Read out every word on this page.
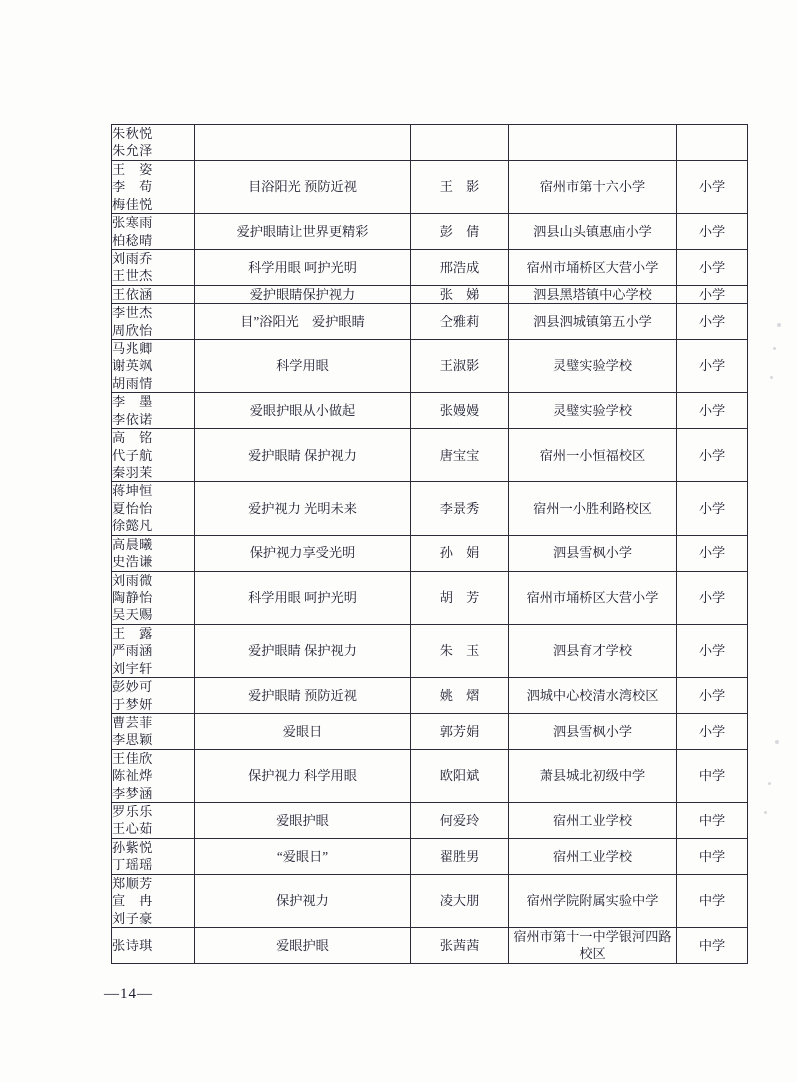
朱秋悦
朱允泽				

王　姿
李　苟
梅佳悦	目浴阳光 预防近视	王　影	宿州市第十六小学	小学

张寒雨
柏稔晴	爱护眼睛让世界更精彩	彭　倩	泗县山头镇惠庙小学	小学

刘雨乔
王世杰	科学用眼 呵护光明	邢浩成	宿州市埇桥区大营小学	小学

王依涵	爱护眼睛保护视力	张　娣	泗县黑塔镇中心学校	小学

李世杰
周欣怡	目”浴阳光　爱护眼睛	仝雅莉	泗县泗城镇第五小学	小学

马兆卿
谢英飒
胡雨情	科学用眼	王淑影	灵璧实验学校	小学

李　墨
李依诺	爱眼护眼从小做起	张嫚嫚	灵璧实验学校	小学

高　铭
代子航
秦羽茉	爱护眼睛 保护视力	唐宝宝	宿州一小恒福校区	小学

蒋坤恒
夏怡怡
徐懿凡	爱护视力 光明未来	李景秀	宿州一小胜利路校区	小学

高晨曦
史浩谦	保护视力享受光明	孙　娟	泗县雪枫小学	小学

刘雨微
陶静怡
吴天赐	科学用眼 呵护光明	胡　芳	宿州市埇桥区大营小学	小学

王　露
严雨涵
刘宇轩	爱护眼睛 保护视力	朱　玉	泗县育才学校	小学

彭妙可
于梦妍	爱护眼睛 预防近视	姚　熠	泗城中心校清水湾校区	小学

曹芸菲
李思颖	爱眼日	郭芳娟	泗县雪枫小学	小学

王佳欣
陈祉烨
李梦涵	保护视力 科学用眼	欧阳斌	萧县城北初级中学	中学

罗乐乐
王心茹	爱眼护眼	何爱玲	宿州工业学校	中学

孙紫悦
丁瑶瑶	“爱眼日”	翟胜男	宿州工业学校	中学

郑顺芳
宣　冉
刘子豪	保护视力	凌大朋	宿州学院附属实验中学	中学

张诗琪	爱眼护眼	张茜茜	宿州市第十一中学银河四路校区	中学
—14—
